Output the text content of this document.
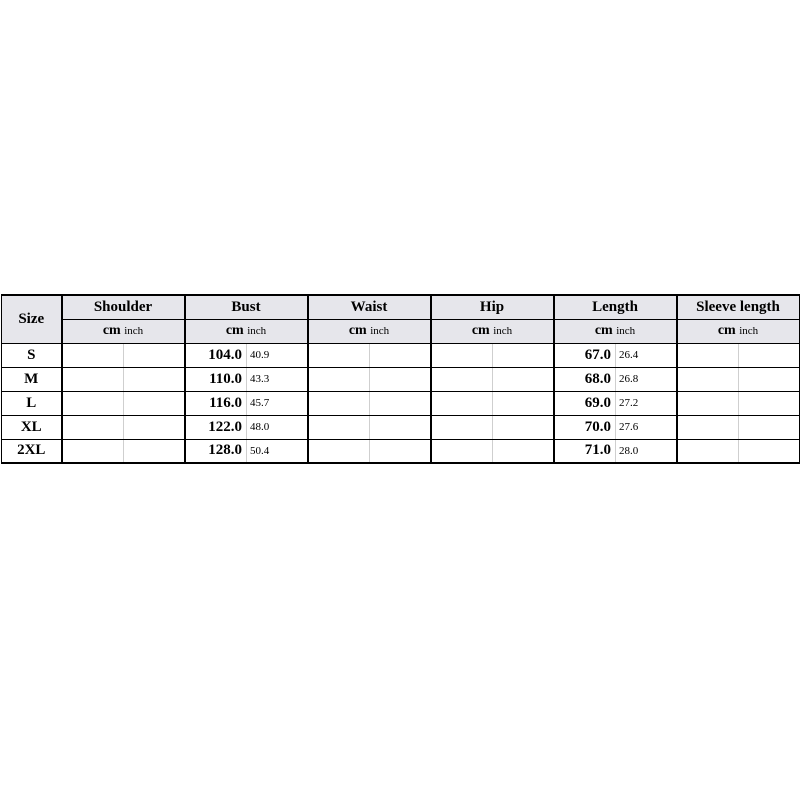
Size	Shoulder		Bust		Waist		Hip		Length		Sleeve length	
	cm inch		cm inch		cm inch		cm inch		cm inch		cm inch	
S			104.0	40.9					67.0	26.4		
M			110.0	43.3					68.0	26.8		
L			116.0	45.7					69.0	27.2		
XL			122.0	48.0					70.0	27.6		
2XL			128.0	50.4					71.0	28.0		
